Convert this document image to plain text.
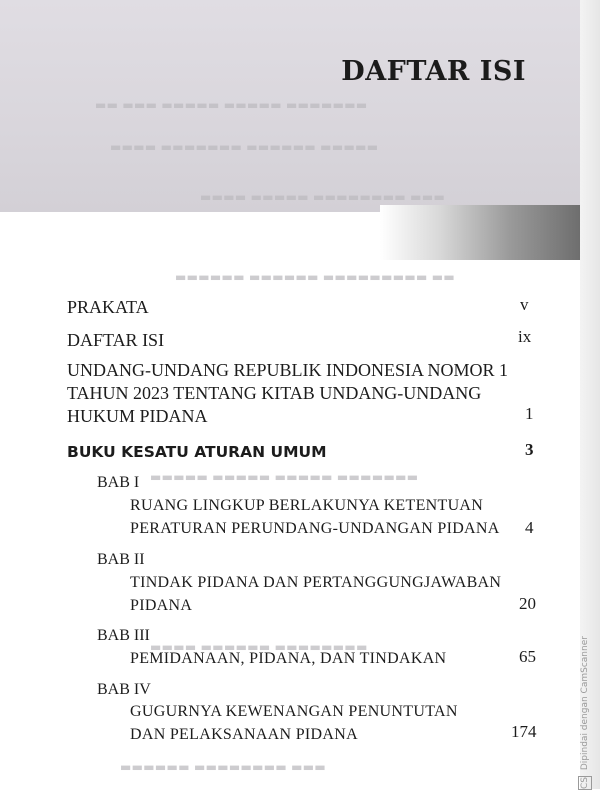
▬▬ ▬▬▬ ▬▬▬▬▬ ▬▬▬▬▬ ▬▬▬▬▬▬▬
▬▬▬▬ ▬▬▬▬▬▬▬ ▬▬▬▬▬▬ ▬▬▬▬▬
▬▬▬▬ ▬▬▬▬▬ ▬▬▬▬▬▬▬▬ ▬▬▬
▬▬▬▬▬▬ ▬▬▬▬▬▬ ▬▬▬▬▬▬▬▬▬ ▬▬
▬▬▬▬▬ ▬▬▬▬▬ ▬▬▬▬▬ ▬▬▬▬▬▬▬
▬▬▬▬ ▬▬▬▬▬▬ ▬▬▬▬▬▬▬▬
▬▬▬▬▬▬ ▬▬▬▬▬▬▬▬ ▬▬▬
DAFTAR ISI
PRAKATA	v
DAFTAR ISI	ix
UNDANG-UNDANG REPUBLIK INDONESIA NOMOR 1
TAHUN 2023 TENTANG KITAB UNDANG-UNDANG
HUKUM PIDANA	1
BUKU KESATU ATURAN UMUM	3
BAB I
RUANG LINGKUP BERLAKUNYA KETENTUAN
PERATURAN PERUNDANG-UNDANGAN PIDANA 4
BAB II
TINDAK PIDANA DAN PERTANGGUNGJAWABAN
PIDANA	20
BAB III
PEMIDANAAN, PIDANA, DAN TINDAKAN	65
BAB IV
GUGURNYA KEWENANGAN PENUNTUTAN
DAN PELAKSANAAN PIDANA	174
CS Dipindai dengan CamScanner
